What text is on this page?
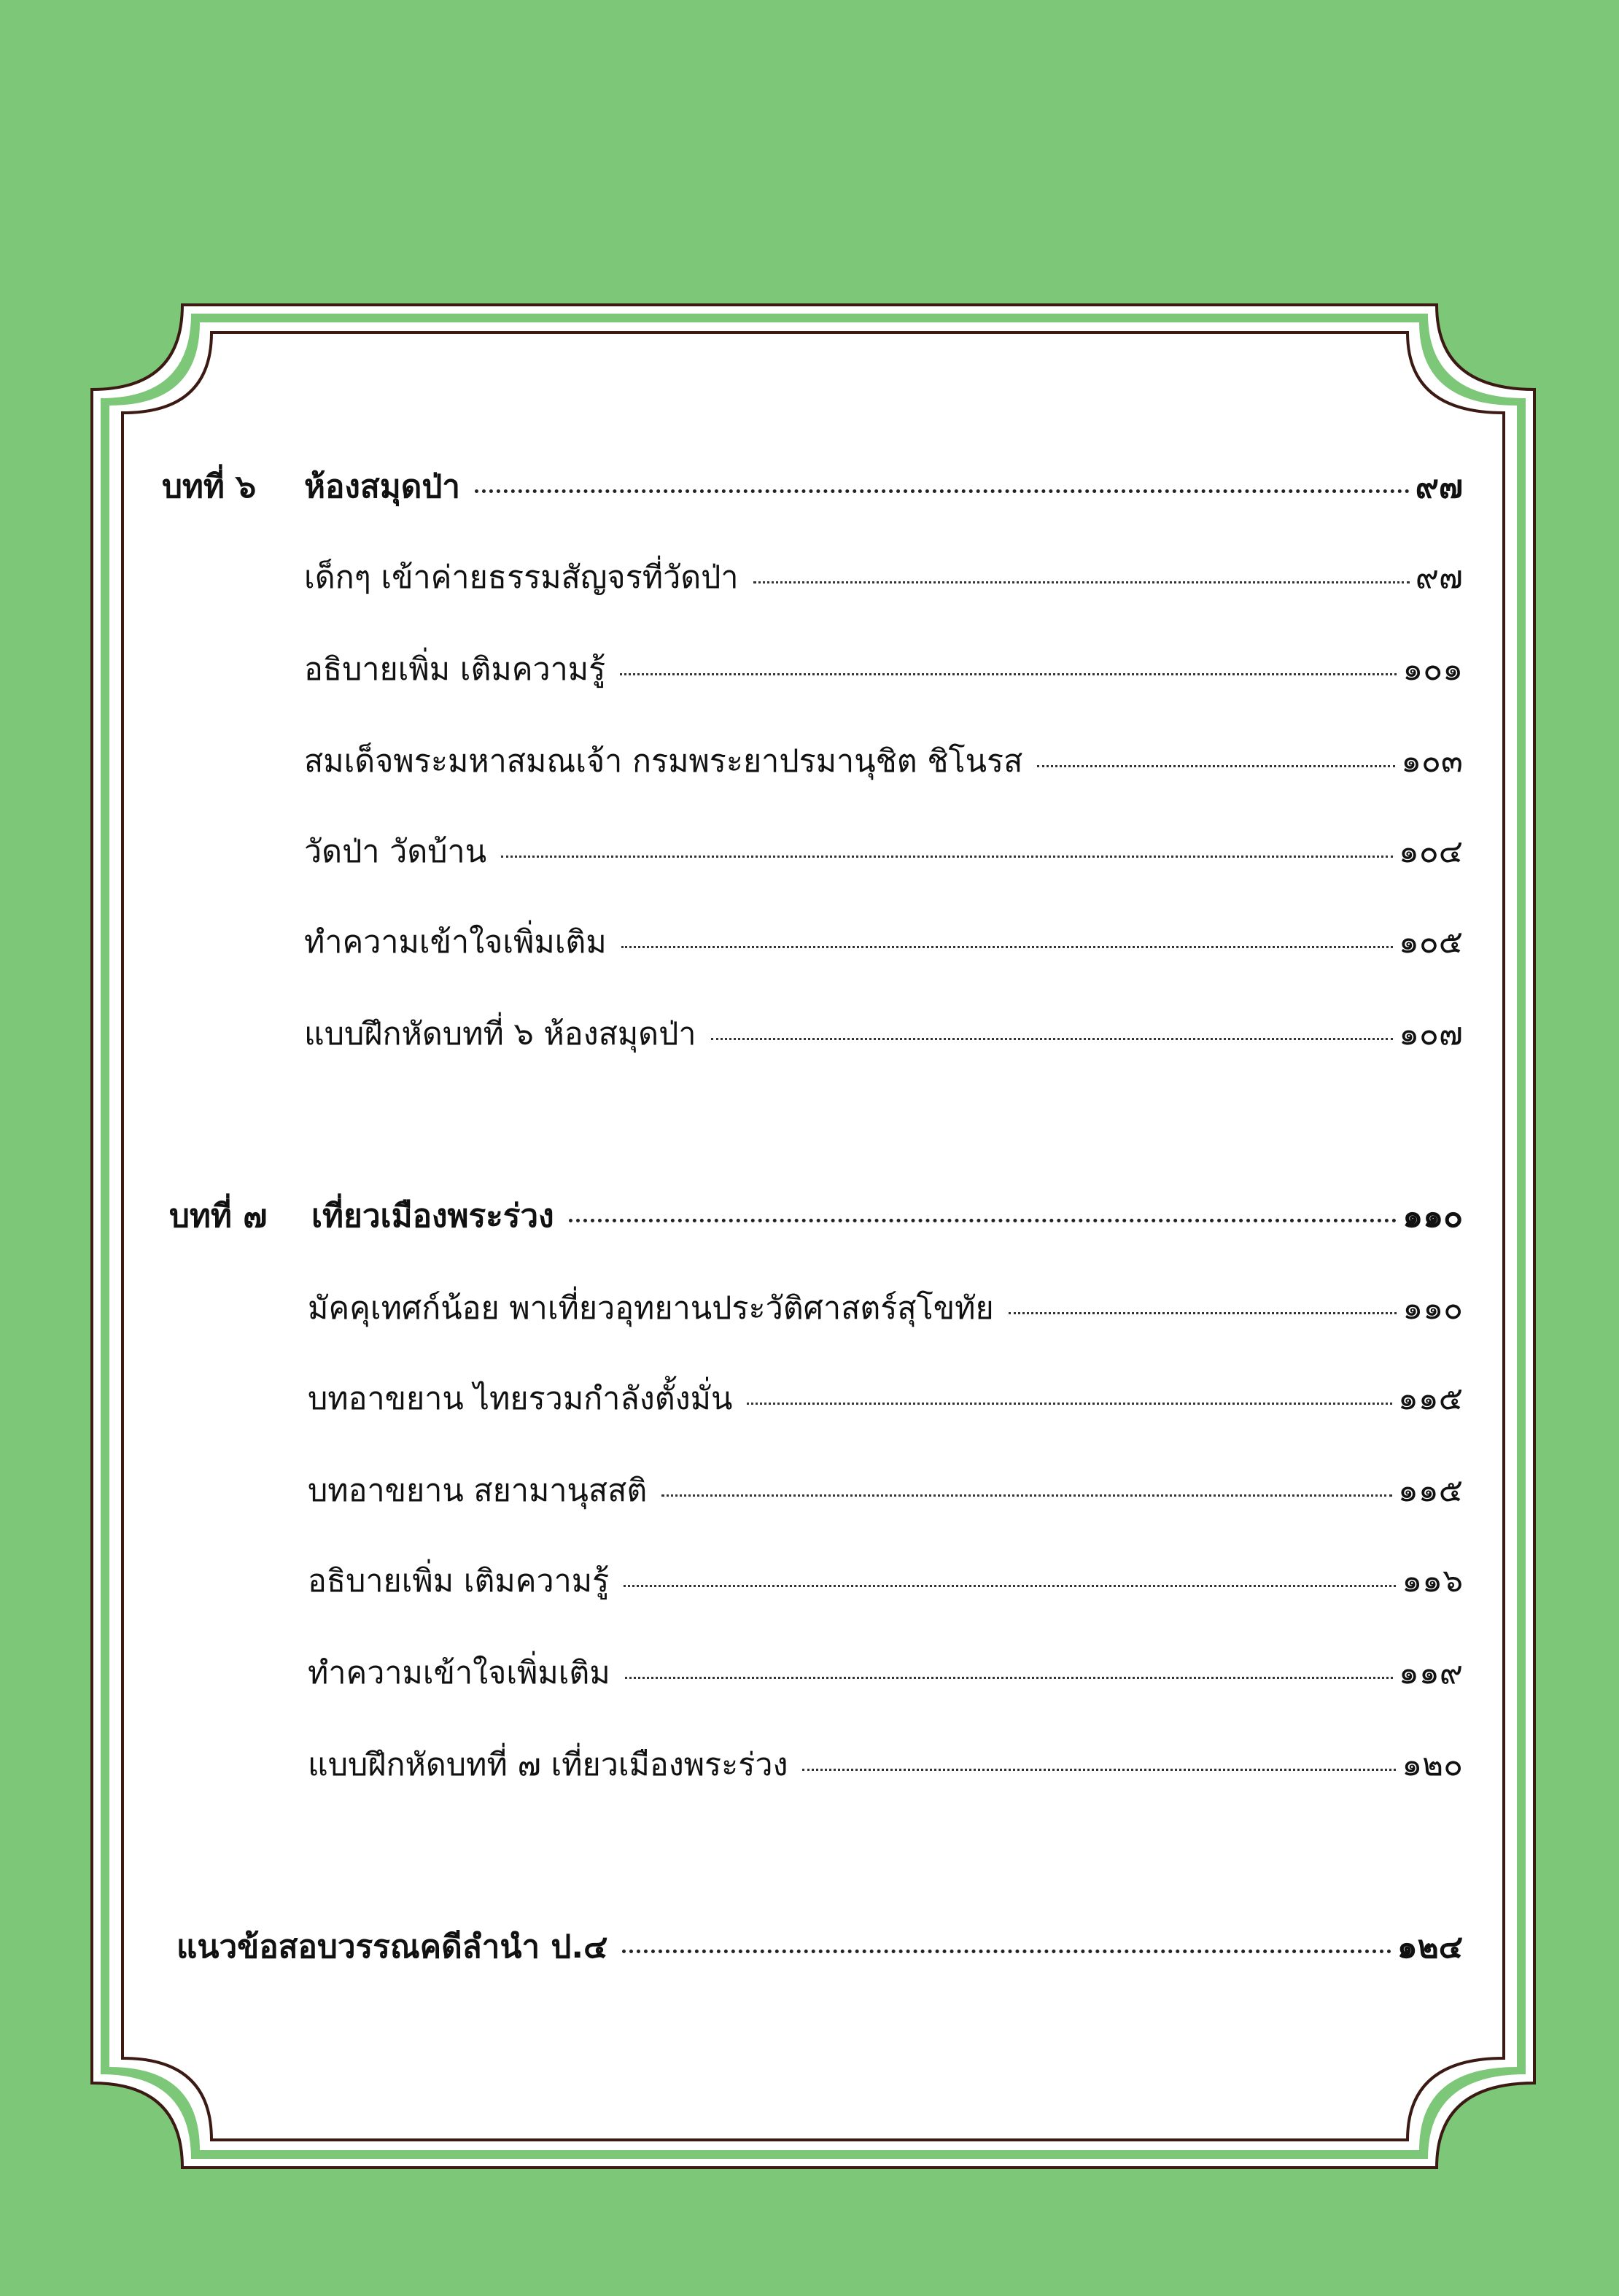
บทที่ ๖	ห้องสมุดป่า	๙๗
เด็กๆ เข้าค่ายธรรมสัญจรที่วัดป่า	๙๗
อธิบายเพิ่ม เติมความรู้	๑๐๑
สมเด็จพระมหาสมณเจ้า กรมพระยาปรมานุชิต ชิโนรส	๑๐๓
วัดป่า วัดบ้าน	๑๐๔
ทำความเข้าใจเพิ่มเติม	๑๐๕
แบบฝึกหัดบทที่ ๖ ห้องสมุดป่า	๑๐๗
บทที่ ๗	เที่ยวเมืองพระร่วง	๑๑๐
มัคคุเทศก์น้อย พาเที่ยวอุทยานประวัติศาสตร์สุโขทัย	๑๑๐
บทอาขยาน ไทยรวมกำลังตั้งมั่น	๑๑๕
บทอาขยาน สยามานุสสติ	๑๑๕
อธิบายเพิ่ม เติมความรู้	๑๑๖
ทำความเข้าใจเพิ่มเติม	๑๑๙
แบบฝึกหัดบทที่ ๗ เที่ยวเมืองพระร่วง	๑๒๐
แนวข้อสอบวรรณคดีลำนำ ป.๔	๑๒๔
